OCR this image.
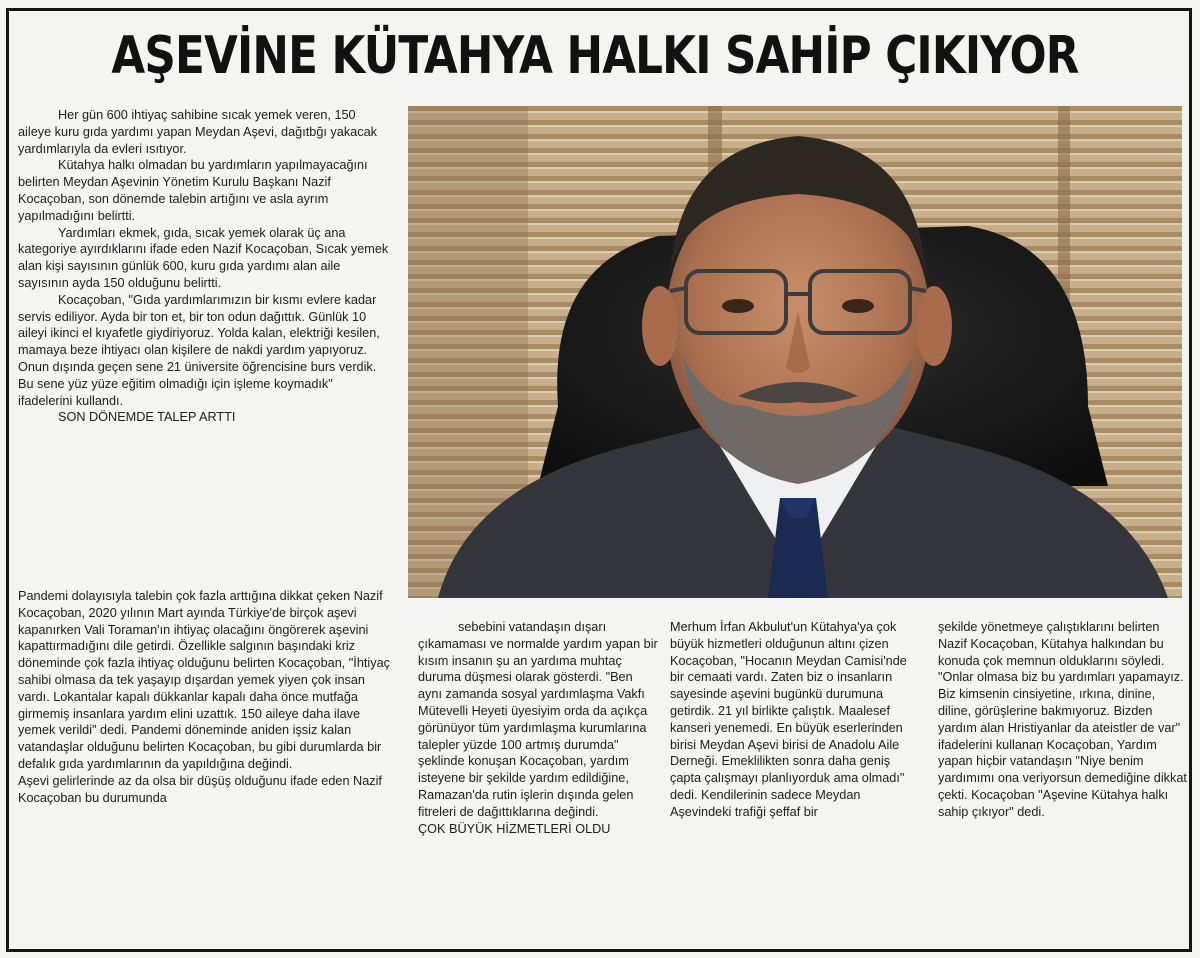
AŞEVİNE KÜTAHYA HALKI SAHİP ÇIKIYOR

Her gün 600 ihtiyaç sahibine sıcak yemek veren, 150 aileye kuru gıda yardımı yapan Meydan Aşevi, dağıtbğı yakacak yardımlarıyla da evleri ısıtıyor.

Kütahya halkı olmadan bu yardımların yapılmayacağını belirten Meydan Aşevinin Yönetim Kurulu Başkanı Nazif Kocaçoban, son dönemde talebin artığını ve asla ayrım yapılmadığını belirtti.

Yardımları ekmek, gıda, sıcak yemek olarak üç ana kategoriye ayırdıklarını ifade eden Nazif Kocaçoban, Sıcak yemek alan kişi sayısının günlük 600, kuru gıda yardımı alan aile sayısının ayda 150 olduğunu belirtti.

Kocaçoban, "Gıda yardımlarımızın bir kısmı evlere kadar servis ediliyor. Ayda bir ton et, bir ton odun dağıttık. Günlük 10 aileyi ikinci el kıyafetle giydiriyoruz. Yolda kalan, elektriği kesilen, mamaya beze ihtiyacı olan kişilere de nakdi yardım yapıyoruz. Onun dışında geçen sene 21 üniversite öğrencisine burs verdik. Bu sene yüz yüze eğitim olmadığı için işleme koymadık" ifadelerini kullandı.

SON DÖNEMDE TALEP ARTTI

Pandemi dolayısıyla talebin çok fazla arttığına dikkat çeken Nazif Kocaçoban, 2020 yılının Mart ayında Türkiye'de birçok aşevi kapanırken Vali Toraman'ın ihtiyaç olacağını öngörerek aşevini kapattırmadığını dile getirdi. Özellikle salgının başındaki kriz döneminde çok fazla ihtiyaç olduğunu belirten Kocaçoban, "İhtiyaç sahibi olmasa da tek yaşayıp dışardan yemek yiyen çok insan vardı. Lokantalar kapalı dükkanlar kapalı daha önce mutfağa girmemiş insanlara yardım elini uzattık. 150 aileye daha ilave yemek verildi" dedi. Pandemi döneminde aniden işsiz kalan vatandaşlar olduğunu belirten Kocaçoban, bu gibi durumlarda bir defalık gıda yardımlarının da yapıldığına değindi.

Aşevi gelirlerinde az da olsa bir düşüş olduğunu ifade eden Nazif Kocaçoban bu durumunda

sebebini vatandaşın dışarı çıkamaması ve normalde yardım yapan bir kısım insanın şu an yardıma muhtaç duruma düşmesi olarak gösterdi. "Ben aynı zamanda sosyal yardımlaşma Vakfı Mütevelli Heyeti üyesiyim orda da açıkça görünüyor tüm yardımlaşma kurumlarına talepler yüzde 100 artmış durumda" şeklinde konuşan Kocaçoban, yardım isteyene bir şekilde yardım edildiğine, Ramazan'da rutin işlerin dışında gelen fitreleri de dağıttıklarına değindi.

ÇOK BÜYÜK HİZMETLERİ OLDU

Merhum İrfan Akbulut'un Kütahya'ya çok büyük hizmetleri olduğunun altını çizen Kocaçoban, "Hocanın Meydan Camisi'nde bir cemaati vardı. Zaten biz o insanların sayesinde aşevini bugünkü durumuna getirdik. 21 yıl birlikte çalıştık. Maalesef kanseri yenemedi. En büyük eserlerinden birisi Meydan Aşevi birisi de Anadolu Aile Derneği. Emeklilikten sonra daha geniş çapta çalışmayı planlıyorduk ama olmadı" dedi. Kendilerinin sadece Meydan Aşevindeki trafiği şeffaf bir

şekilde yönetmeye çalıştıklarını belirten Nazif Kocaçoban, Kütahya halkından bu konuda çok memnun olduklarını söyledi. "Onlar olmasa biz bu yardımları yapamayız. Biz kimsenin cinsiyetine, ırkına, dinine, diline, görüşlerine bakmıyoruz. Bizden yardım alan Hristiyanlar da ateistler de var" ifadelerini kullanan Kocaçoban, Yardım yapan hiçbir vatandaşın "Niye benim yardımımı ona veriyorsun demediğine dikkat çekti. Kocaçoban "Aşevine Kütahya halkı sahip çıkıyor" dedi.
